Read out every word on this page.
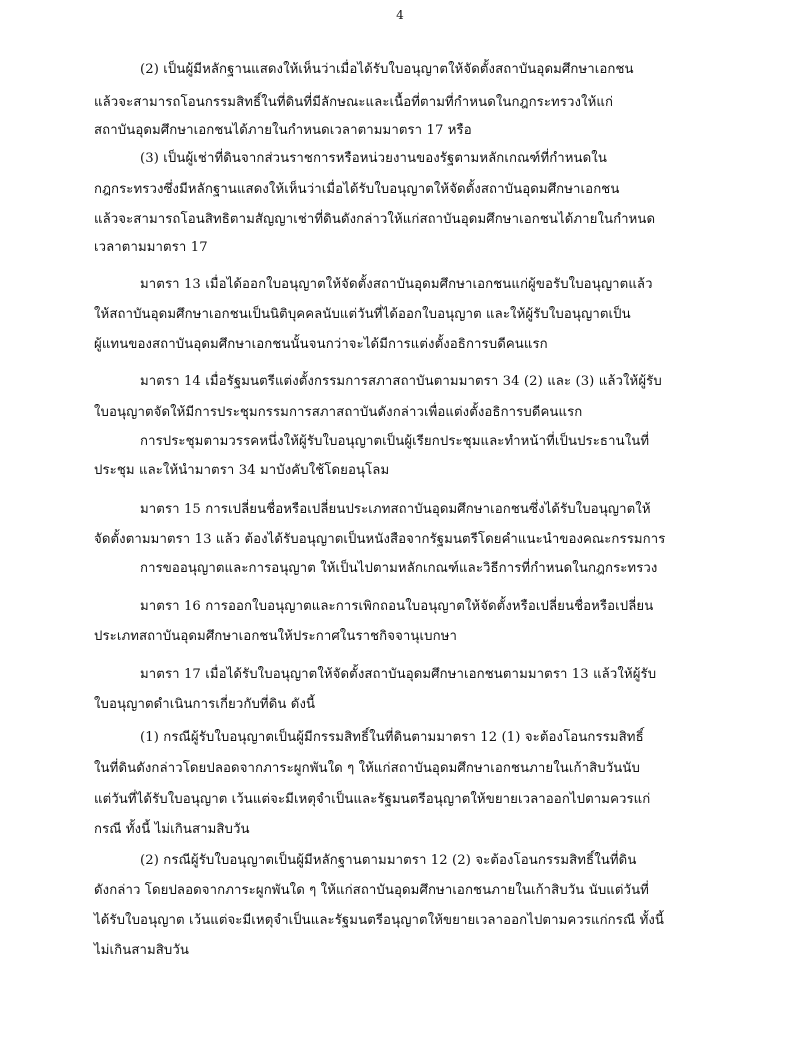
4
(2) เป็นผู้มีหลักฐานแสดงให้เห็นว่าเมื่อได้รับใบอนุญาตให้จัดตั้งสถาบันอุดมศึกษาเอกชน
แล้วจะสามารถโอนกรรมสิทธิ์ในที่ดินที่มีลักษณะและเนื้อที่ตามที่กำหนดในกฎกระทรวงให้แก่
สถาบันอุดมศึกษาเอกชนได้ภายในกำหนดเวลาตามมาตรา 17 หรือ
(3) เป็นผู้เช่าที่ดินจากส่วนราชการหรือหน่วยงานของรัฐตามหลักเกณฑ์ที่กำหนดใน
กฎกระทรวงซึ่งมีหลักฐานแสดงให้เห็นว่าเมื่อได้รับใบอนุญาตให้จัดตั้งสถาบันอุดมศึกษาเอกชน
แล้วจะสามารถโอนสิทธิตามสัญญาเช่าที่ดินดังกล่าวให้แก่สถาบันอุดมศึกษาเอกชนได้ภายในกำหนด
เวลาตามมาตรา 17
มาตรา 13 เมื่อได้ออกใบอนุญาตให้จัดตั้งสถาบันอุดมศึกษาเอกชนแก่ผู้ขอรับใบอนุญาตแล้ว
ให้สถาบันอุดมศึกษาเอกชนเป็นนิติบุคคลนับแต่วันที่ได้ออกใบอนุญาต และให้ผู้รับใบอนุญาตเป็น
ผู้แทนของสถาบันอุดมศึกษาเอกชนนั้นจนกว่าจะได้มีการแต่งตั้งอธิการบดีคนแรก
มาตรา 14 เมื่อรัฐมนตรีแต่งตั้งกรรมการสภาสถาบันตามมาตรา 34 (2) และ (3) แล้วให้ผู้รับ
ใบอนุญาตจัดให้มีการประชุมกรรมการสภาสถาบันดังกล่าวเพื่อแต่งตั้งอธิการบดีคนแรก
การประชุมตามวรรคหนึ่งให้ผู้รับใบอนุญาตเป็นผู้เรียกประชุมและทำหน้าที่เป็นประธานในที่
ประชุม และให้นำมาตรา 34 มาบังคับใช้โดยอนุโลม
มาตรา 15 การเปลี่ยนชื่อหรือเปลี่ยนประเภทสถาบันอุดมศึกษาเอกชนซึ่งได้รับใบอนุญาตให้
จัดตั้งตามมาตรา 13 แล้ว ต้องได้รับอนุญาตเป็นหนังสือจากรัฐมนตรีโดยคำแนะนำของคณะกรรมการ
การขออนุญาตและการอนุญาต ให้เป็นไปตามหลักเกณฑ์และวิธีการที่กำหนดในกฎกระทรวง
มาตรา 16 การออกใบอนุญาตและการเพิกถอนใบอนุญาตให้จัดตั้งหรือเปลี่ยนชื่อหรือเปลี่ยน
ประเภทสถาบันอุดมศึกษาเอกชนให้ประกาศในราชกิจจานุเบกษา
มาตรา 17 เมื่อได้รับใบอนุญาตให้จัดตั้งสถาบันอุดมศึกษาเอกชนตามมาตรา 13 แล้วให้ผู้รับ
ใบอนุญาตดำเนินการเกี่ยวกับที่ดิน ดังนี้
(1) กรณีผู้รับใบอนุญาตเป็นผู้มีกรรมสิทธิ์ในที่ดินตามมาตรา 12 (1) จะต้องโอนกรรมสิทธิ์
ในที่ดินดังกล่าวโดยปลอดจากภาระผูกพันใด ๆ ให้แก่สถาบันอุดมศึกษาเอกชนภายในเก้าสิบวันนับ
แต่วันที่ได้รับใบอนุญาต เว้นแต่จะมีเหตุจำเป็นและรัฐมนตรีอนุญาตให้ขยายเวลาออกไปตามควรแก่
กรณี ทั้งนี้ ไม่เกินสามสิบวัน
(2) กรณีผู้รับใบอนุญาตเป็นผู้มีหลักฐานตามมาตรา 12 (2) จะต้องโอนกรรมสิทธิ์ในที่ดิน
ดังกล่าว โดยปลอดจากภาระผูกพันใด ๆ ให้แก่สถาบันอุดมศึกษาเอกชนภายในเก้าสิบวัน นับแต่วันที่
ได้รับใบอนุญาต เว้นแต่จะมีเหตุจำเป็นและรัฐมนตรีอนุญาตให้ขยายเวลาออกไปตามควรแก่กรณี ทั้งนี้
ไม่เกินสามสิบวัน
